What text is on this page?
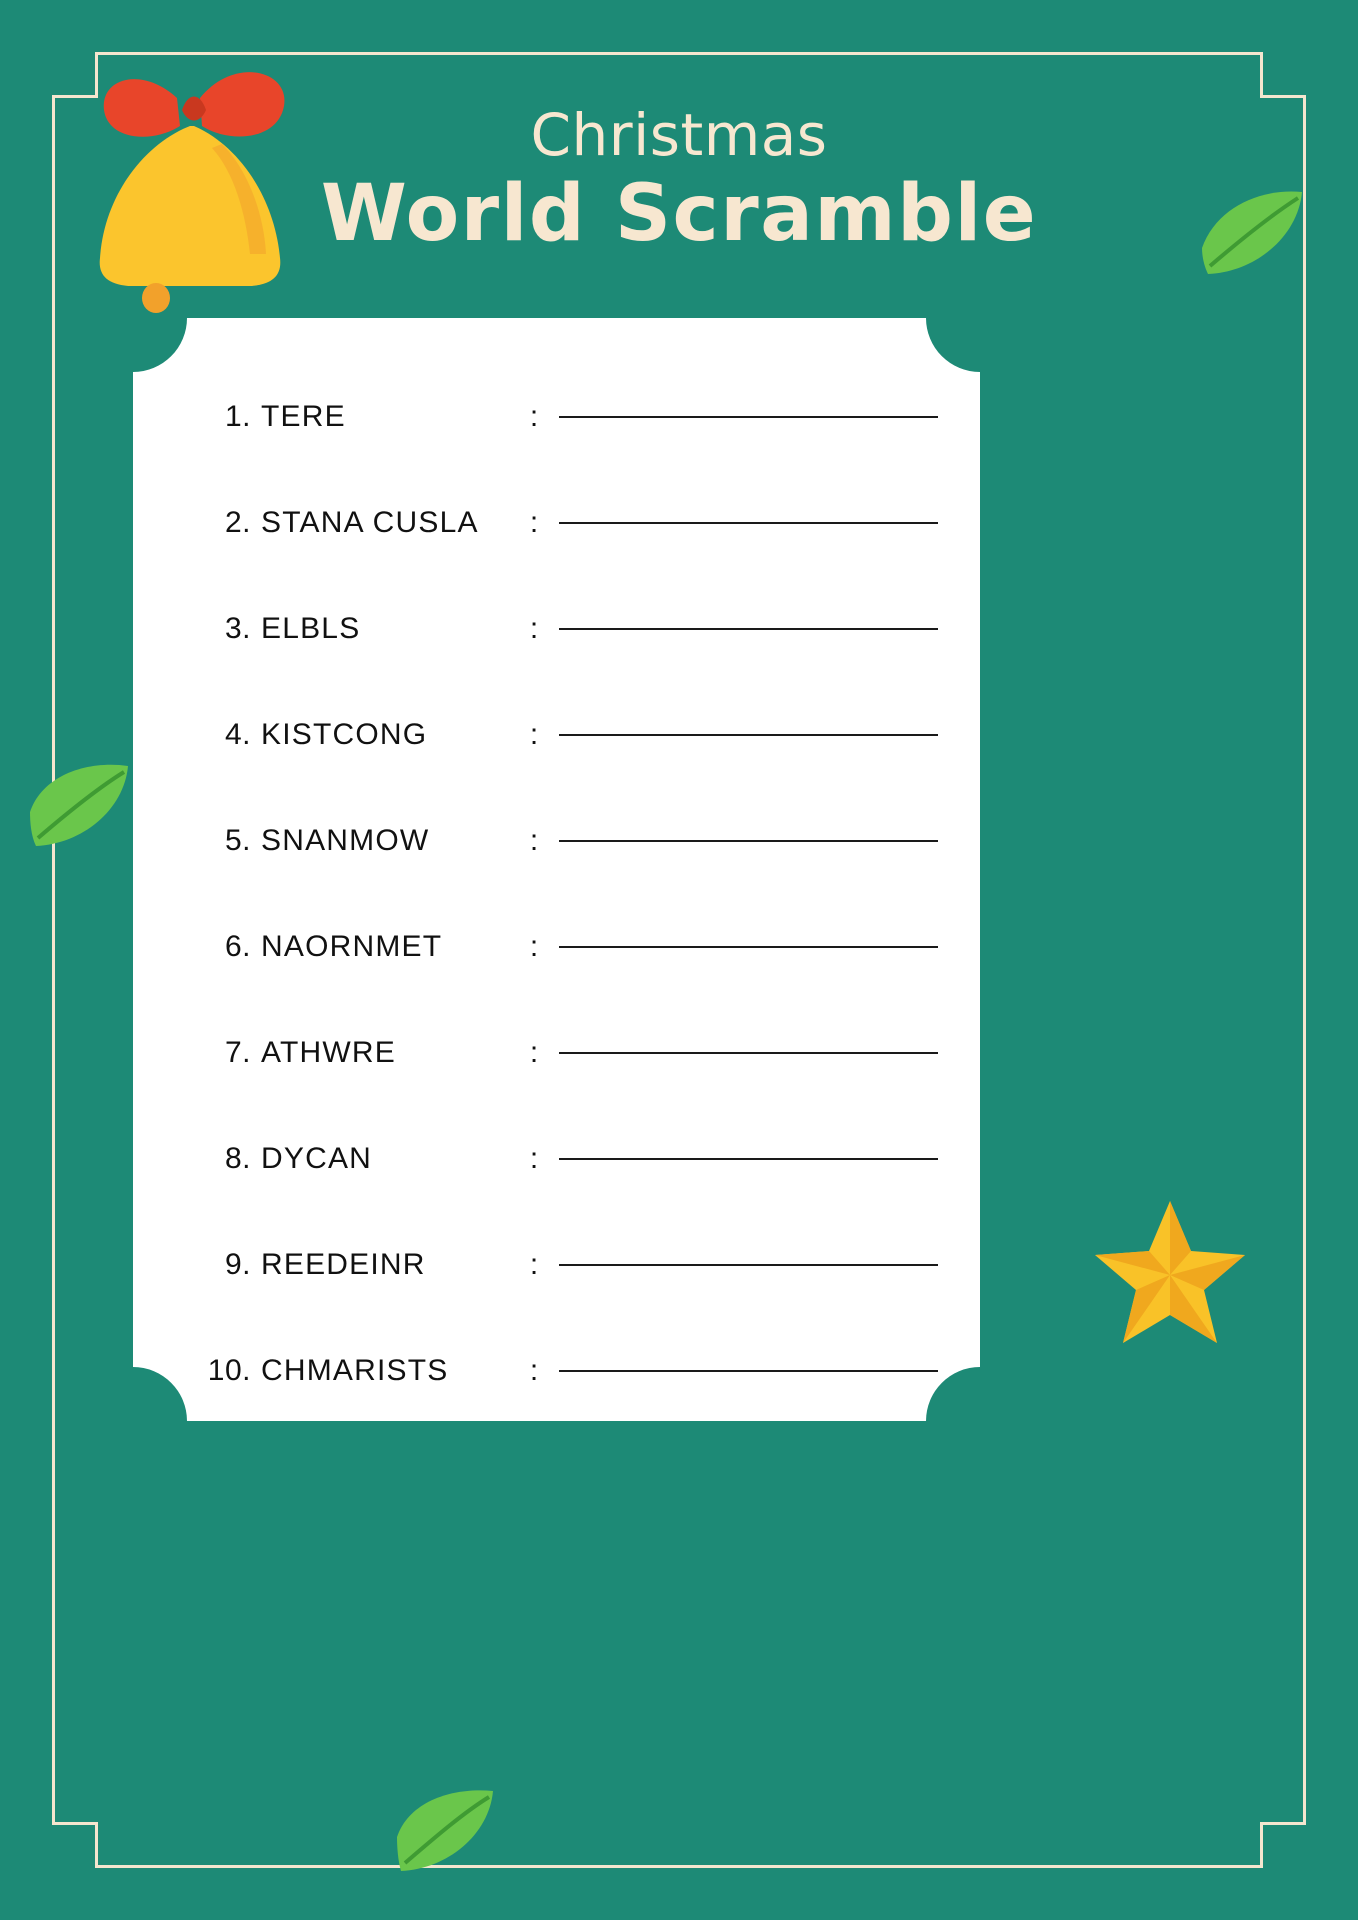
Christmas
World Scramble
1. TERE	:
2. STANA CUSLA	:
3. ELBLS	:
4. KISTCONG	:
5. SNANMOW	:
6. NAORNMET	:
7. ATHWRE	:
8. DYCAN	:
9. REEDEINR	:
10. CHMARISTS	:
